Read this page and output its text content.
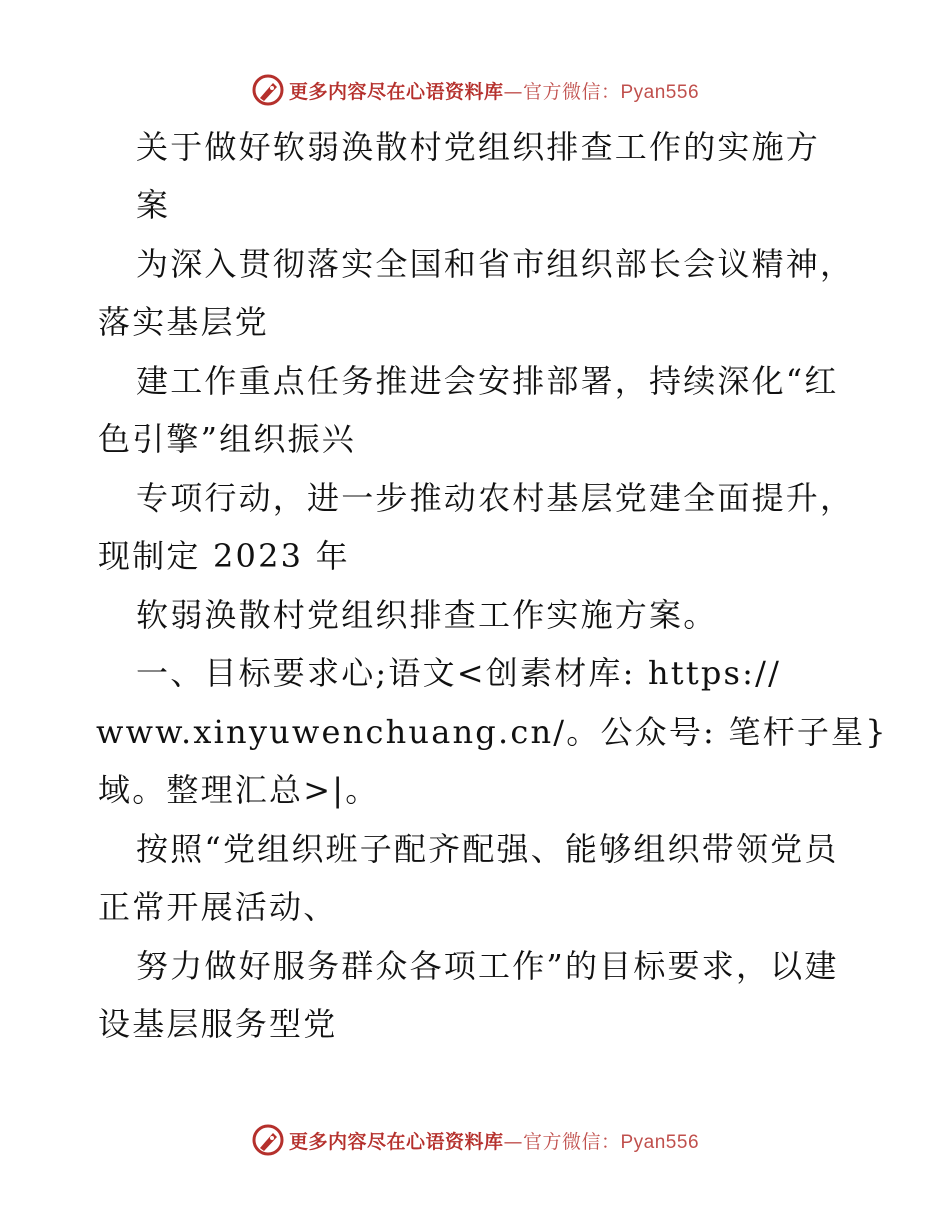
更多内容尽在心语资料库—官方微信：Pyan556
关于做好软弱涣散村党组织排查工作的实施方
案
为深入贯彻落实全国和省市组织部长会议精神，
落实基层党
建工作重点任务推进会安排部署，持续深化“红
色引擎”组织振兴
专项行动，进一步推动农村基层党建全面提升，
现制定 2023 年
软弱涣散村党组织排查工作实施方案。
一、目标要求心;语文<创素材库: https://
www.xinyuwenchuang.cn/。公众号: 笔杆子星}
域。整理汇总>|。
按照“党组织班子配齐配强、能够组织带领党员
正常开展活动、
努力做好服务群众各项工作”的目标要求，以建
设基层服务型党
更多内容尽在心语资料库—官方微信：Pyan556
